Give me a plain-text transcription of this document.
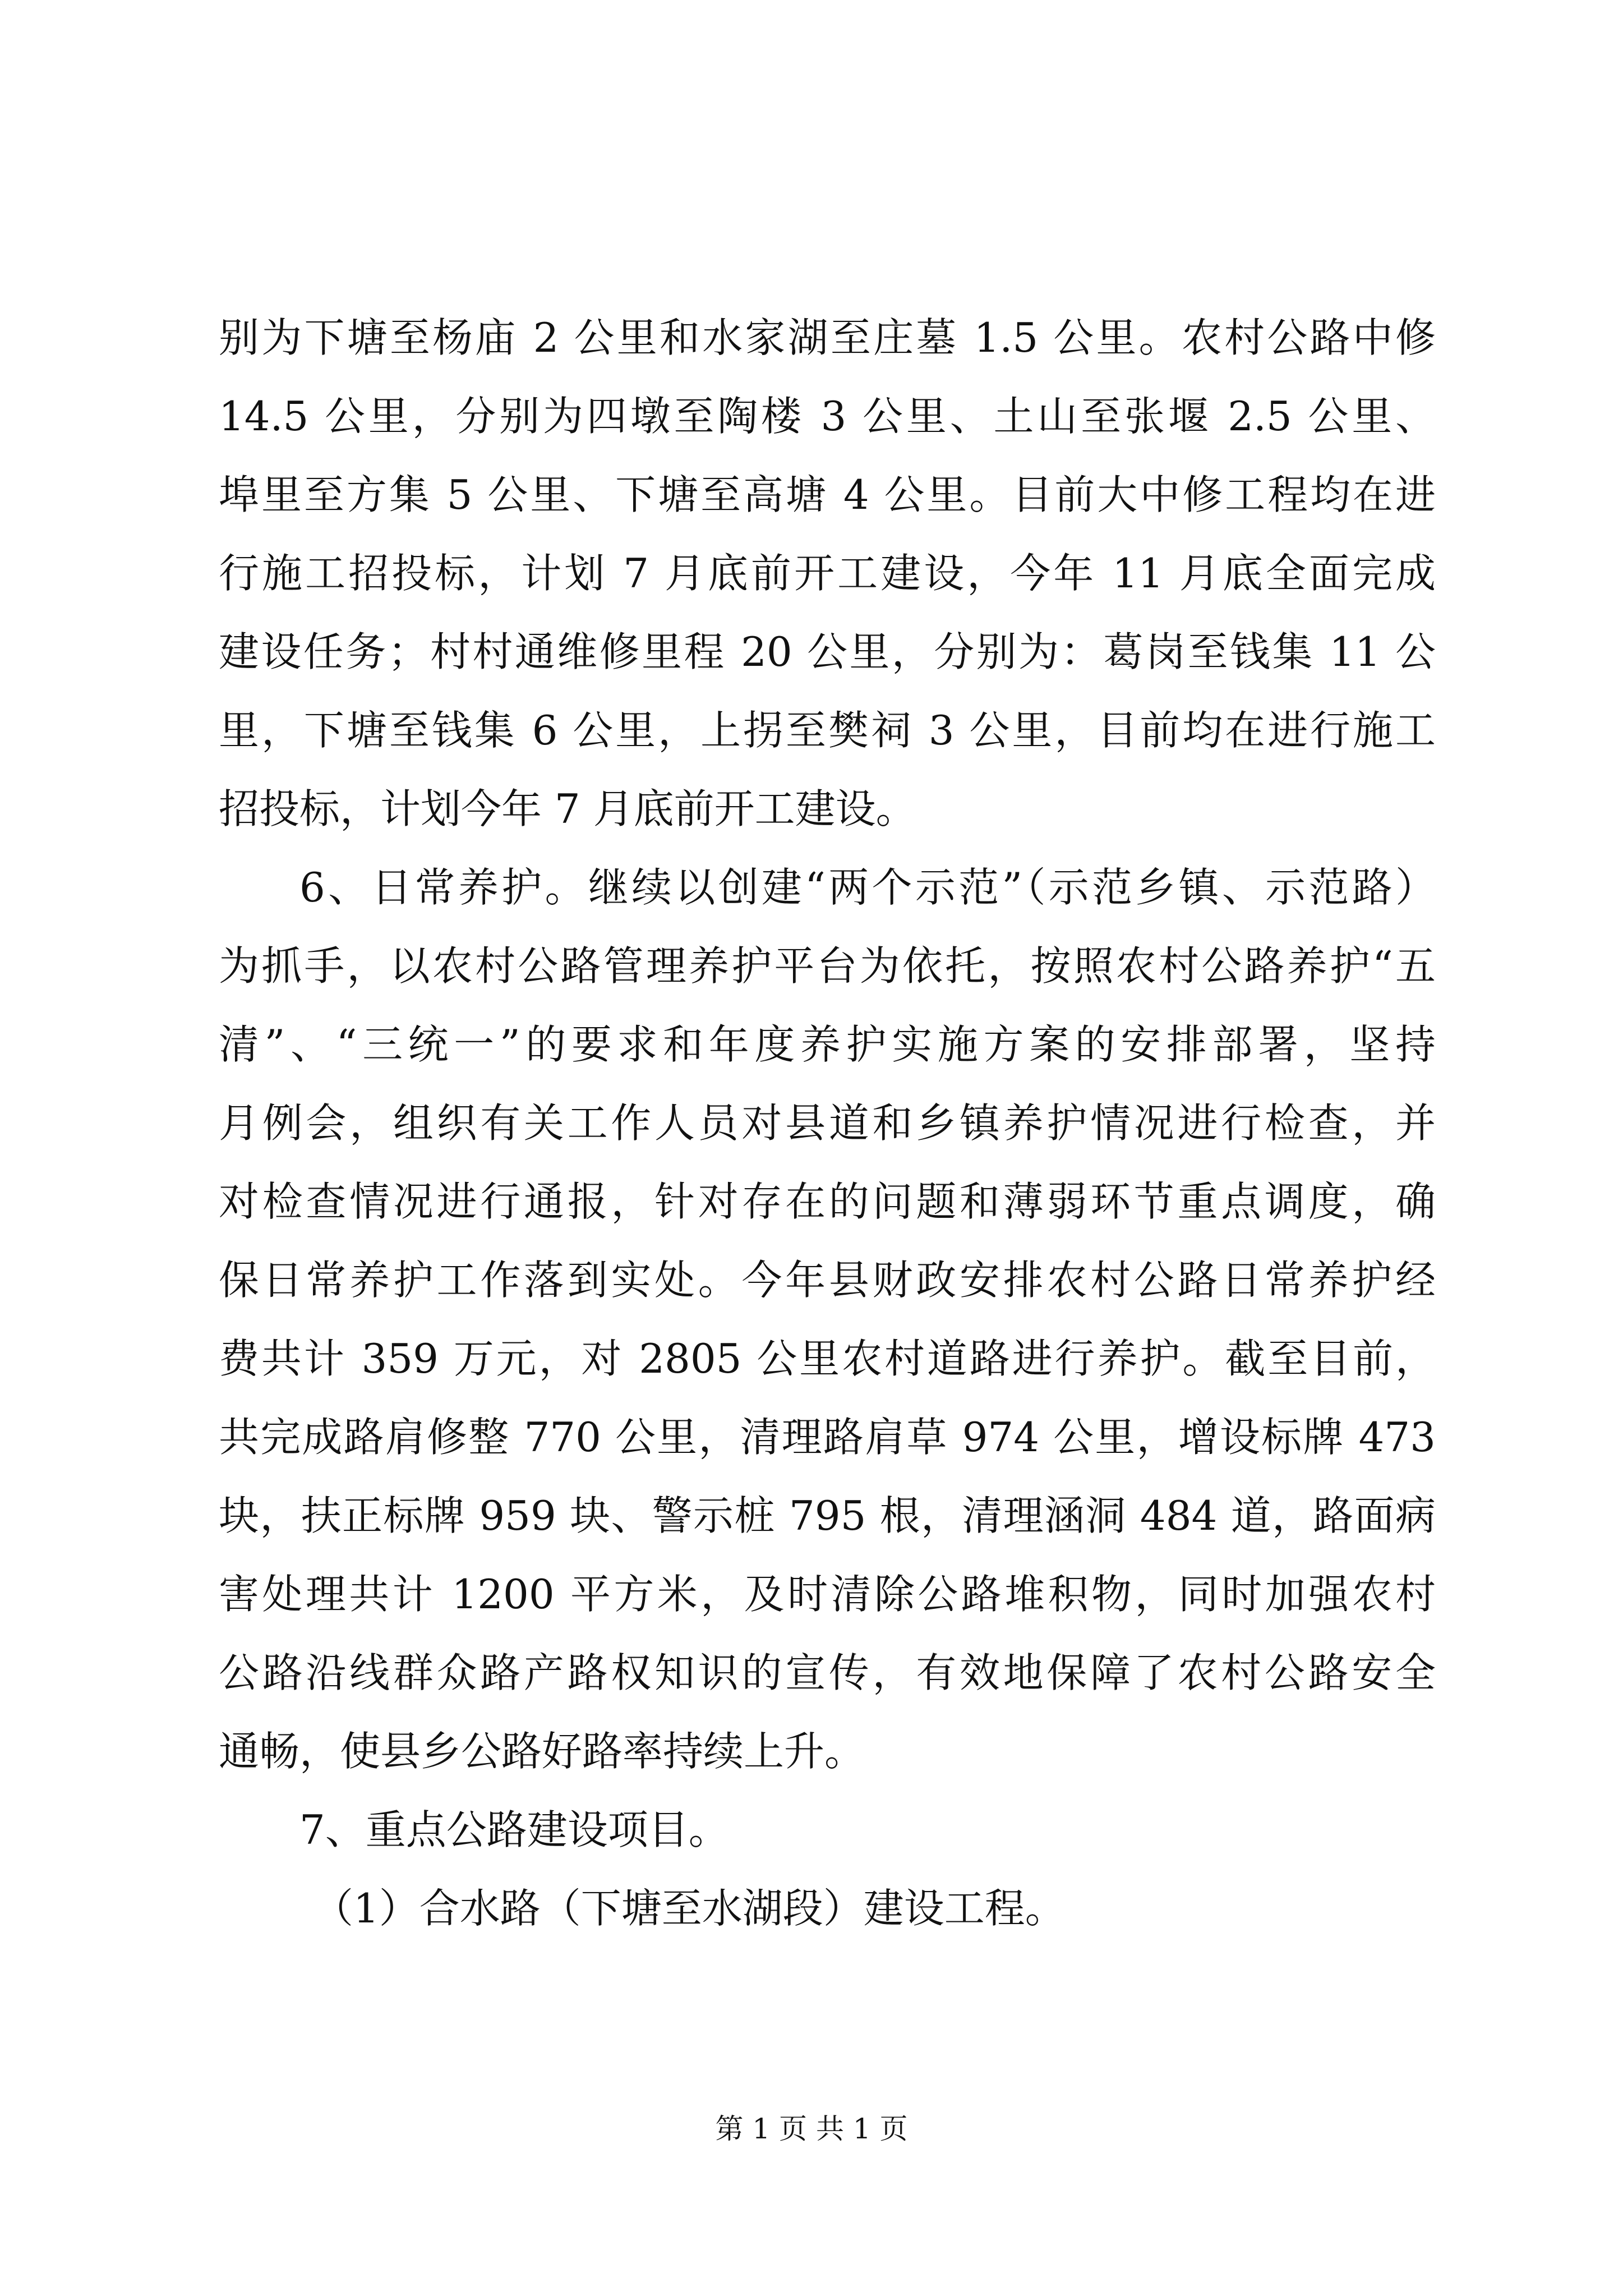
别为下塘至杨庙 2 公里和水家湖至庄墓 1.5 公里。农村公路中修
14.5 公里，分别为四墩至陶楼 3 公里、土山至张堰 2.5 公里、
埠里至方集 5 公里、下塘至高塘 4 公里。目前大中修工程均在进
行施工招投标，计划 7 月底前开工建设，今年 11 月底全面完成
建设任务；村村通维修里程 20 公里，分别为：葛岗至钱集 11 公
里，下塘至钱集 6 公里，上拐至樊祠 3 公里，目前均在进行施工
招投标，计划今年 7 月底前开工建设。
6、日常养护。继续以创建“两个示范”（示范乡镇、示范路）
为抓手，以农村公路管理养护平台为依托，按照农村公路养护“五
清”、“三统一”的要求和年度养护实施方案的安排部署，坚持
月例会，组织有关工作人员对县道和乡镇养护情况进行检查，并
对检查情况进行通报，针对存在的问题和薄弱环节重点调度，确
保日常养护工作落到实处。今年县财政安排农村公路日常养护经
费共计 359 万元，对 2805 公里农村道路进行养护。截至目前，
共完成路肩修整 770 公里，清理路肩草 974 公里，增设标牌 473
块，扶正标牌 959 块、警示桩 795 根，清理涵洞 484 道，路面病
害处理共计 1200 平方米，及时清除公路堆积物，同时加强农村
公路沿线群众路产路权知识的宣传，有效地保障了农村公路安全
通畅，使县乡公路好路率持续上升。
7、重点公路建设项目。
（1）合水路（下塘至水湖段）建设工程。
第 1 页 共 1 页
